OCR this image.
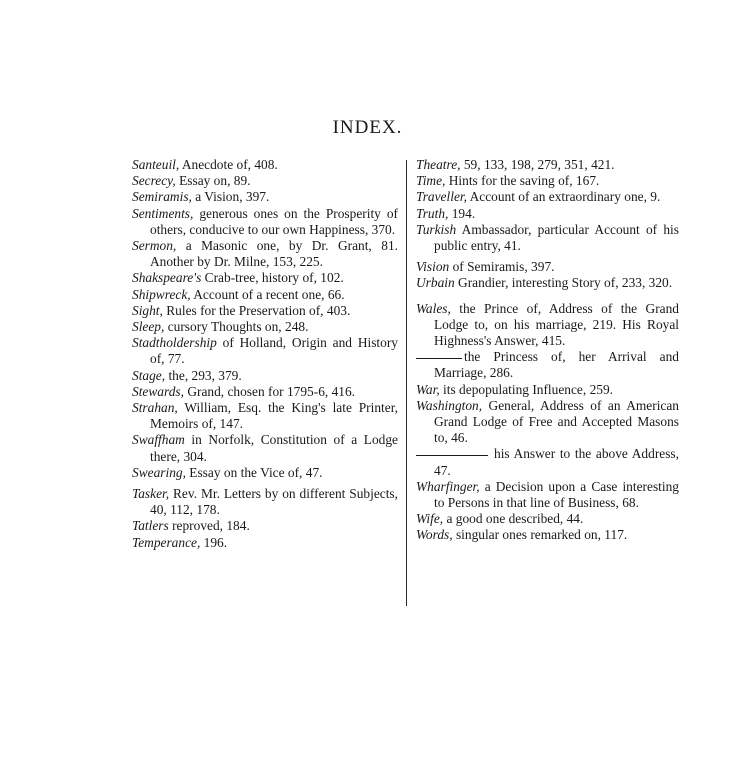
INDEX.
Santeuil, Anecdote of, 408.
Secrecy, Essay on, 89.
Semiramis, a Vision, 397.
Sentiments, generous ones on the Prosperity of others, conducive to our own Happiness, 370.
Sermon, a Masonic one, by Dr. Grant, 81. Another by Dr. Milne, 153, 225.
Shakspeare's Crab-tree, history of, 102.
Shipwreck, Account of a recent one, 66.
Sight, Rules for the Preservation of, 403.
Sleep, cursory Thoughts on, 248.
Stadtholdership of Holland, Origin and History of, 77.
Stage, the, 293, 379.
Stewards, Grand, chosen for 1795-6, 416.
Strahan, William, Esq. the King's late Printer, Memoirs of, 147.
Swaffham in Norfolk, Constitution of a Lodge there, 304.
Swearing, Essay on the Vice of, 47.
Tasker, Rev. Mr. Letters by on different Subjects, 40, 112, 178.
Tatlers reproved, 184.
Temperance, 196.
Theatre, 59, 133, 198, 279, 351, 421.
Time, Hints for the saving of, 167.
Traveller, Account of an extraordinary one, 9.
Truth, 194.
Turkish Ambassador, particular Account of his public entry, 41.
Vision of Semiramis, 397.
Urbain Grandier, interesting Story of, 233, 320.
Wales, the Prince of, Address of the Grand Lodge to, on his marriage, 219. His Royal Highness's Answer, 415.
the Princess of, her Arrival and Marriage, 286.
War, its depopulating Influence, 259.
Washington, General, Address of an American Grand Lodge of Free and Accepted Masons to, 46.
his Answer to the above Address, 47.
Wharfinger, a Decision upon a Case interesting to Persons in that line of Business, 68.
Wife, a good one described, 44.
Words, singular ones remarked on, 117.
